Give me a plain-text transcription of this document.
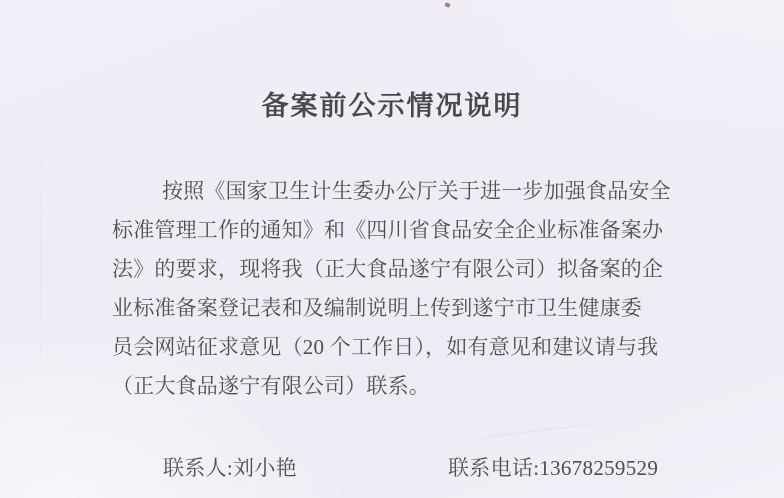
备案前公示情况说明
按照《国家卫生计生委办公厅关于进一步加强食品安全
标准管理工作的通知》和《四川省食品安全企业标准备案办
法》的要求，现将我（正大食品遂宁有限公司）拟备案的企
业标准备案登记表和及编制说明上传到遂宁市卫生健康委
员会网站征求意见（20 个工作日），如有意见和建议请与我
（正大食品遂宁有限公司）联系。
联系人:刘小艳	联系电话:13678259529
